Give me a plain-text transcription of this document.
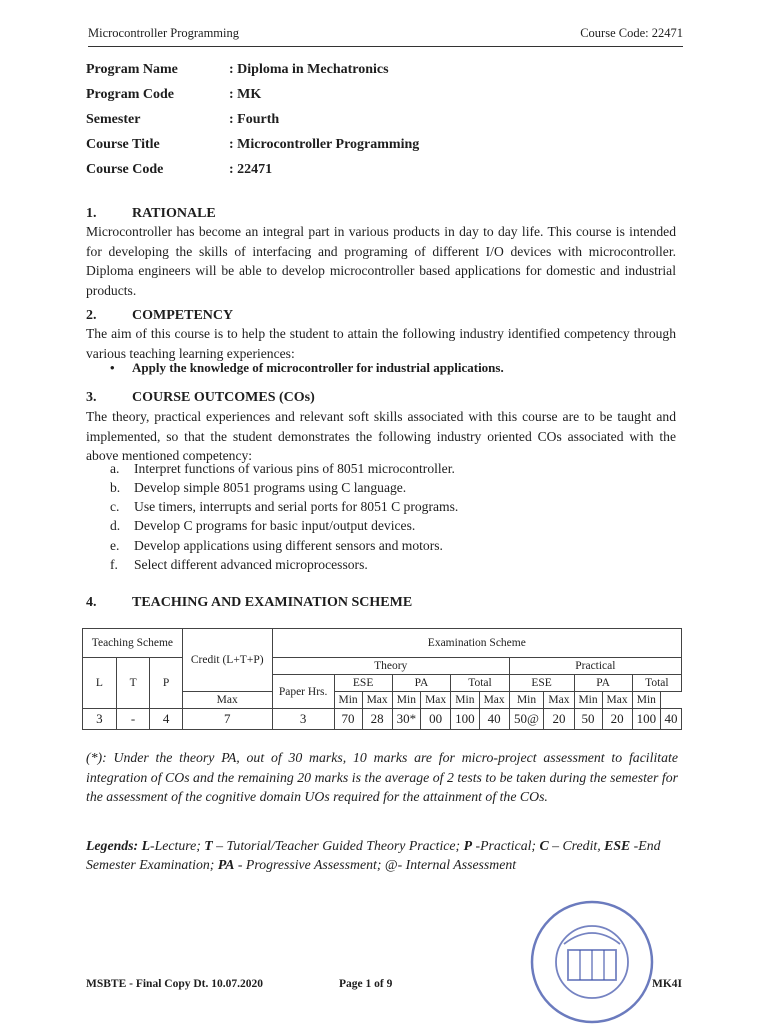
Microcontroller Programming	Course Code: 22471
Program Name	: Diploma in Mechatronics
Program Code	: MK
Semester	: Fourth
Course Title	: Microcontroller Programming
Course Code	: 22471
1.	RATIONALE
Microcontroller has become an integral part in various products in day to day life. This course is intended for developing the skills of interfacing and programing of different I/O devices with microcontroller. Diploma engineers will be able to develop microcontroller based applications for domestic and industrial products.
2.	COMPETENCY
The aim of this course is to help the student to attain the following industry identified competency through various teaching learning experiences:
• Apply the knowledge of microcontroller for industrial applications.
3.	COURSE OUTCOMES (COs)
The theory, practical experiences and relevant soft skills associated with this course are to be taught and implemented, so that the student demonstrates the following industry oriented COs associated with the above mentioned competency:
a. Interpret functions of various pins of 8051 microcontroller.
b. Develop simple 8051 programs using C language.
c. Use timers, interrupts and serial ports for 8051 C programs.
d. Develop C programs for basic input/output devices.
e. Develop applications using different sensors and motors.
f. Select different advanced microprocessors.
4.	TEACHING AND EXAMINATION SCHEME
Teaching Scheme			Credit (L+T+P)	Examination Scheme												
L	T	P		Theory							Practical					
				Paper Hrs.	ESE		PA		Total		ESE		PA		Total	
			Max		Min	Max	Min	Max	Min	Max	Min	Max	Min	Max	Min	
3	-	4	7	3	70	28	30*	00	100	40	50@	20	50	20	100	40
(*): Under the theory PA, out of 30 marks, 10 marks are for micro-project assessment to facilitate integration of COs and the remaining 20 marks is the average of 2 tests to be taken during the semester for the assessment of the cognitive domain UOs required for the attainment of the COs.
Legends: L-Lecture; T – Tutorial/Teacher Guided Theory Practice; P -Practical; C – Credit, ESE -End Semester Examination; PA - Progressive Assessment; @- Internal Assessment
MSBTE - Final Copy Dt. 10.07.2020	Page 1 of 9	MK4I
